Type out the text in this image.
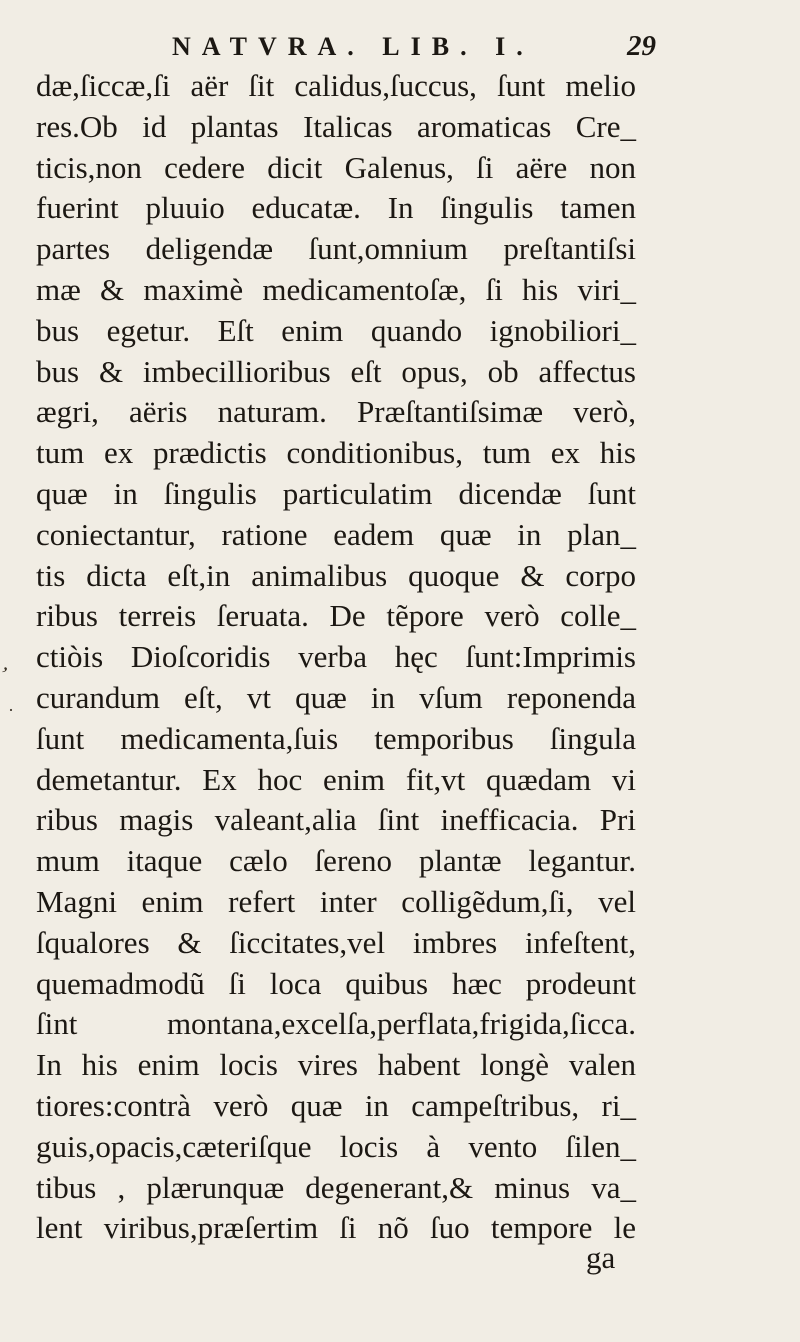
NATVRA. LIB. I.	29
dæ,ſiccæ,ſi aër ſit calidus,ſuccus, ſunt melio
res.Ob id plantas Italicas aromaticas Cre_
ticis,non cedere dicit Galenus, ſi aëre non
fuerint pluuio educatæ. In ſingulis tamen
partes deligendæ ſunt,omnium preſtantiſsi
mæ & maximè medicamentoſæ, ſi his viri_
bus egetur. Eſt enim quando ignobiliori_
bus & imbecillioribus eſt opus, ob affectus
ægri, aëris naturam. Præſtantiſsimæ verò,
tum ex prædictis conditionibus, tum ex his
quæ in ſingulis particulatim dicendæ ſunt
coniectantur, ratione eadem quæ in plan_
tis dicta eſt,in animalibus quoque & corpo
ribus terreis ſeruata. De tẽpore verò colle_
ctiòis Dioſcoridis verba hęc ſunt:Imprimis
curandum eſt, vt quæ in vſum reponenda
ſunt medicamenta,ſuis temporibus ſingula
demetantur. Ex hoc enim fit,vt quædam vi
ribus magis valeant,alia ſint inefficacia. Pri
mum itaque cælo ſereno plantæ legantur.
Magni enim refert inter colligẽdum,ſi, vel
ſqualores & ſiccitates,vel imbres infeſtent,
quemadmodũ ſi loca quibus hæc prodeunt
ſint montana,excelſa,perflata,frigida,ſicca.
In his enim locis vires habent longè valen
tiores:contrà verò quæ in campeſtribus, ri_
guis,opacis,cæteriſque locis à vento ſilen_
tibus , plærunquæ degenerant,& minus va_
lent viribus,præſertim ſi nõ ſuo tempore le
,
·
ga
